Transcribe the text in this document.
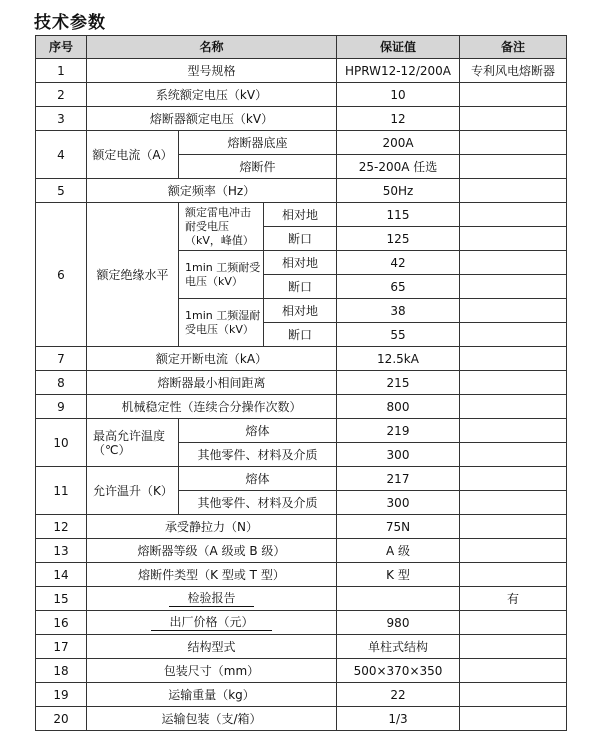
技术参数
序号	名称			保证值	备注
1	型号规格			HPRW12-12/200A	专利风电熔断器
2	系统额定电压（kV）			10	
3	熔断器额定电压（kV）			12	
4	额定电流（A）	熔断器底座		200A	
		熔断件		25-200A 任选	
5	额定频率（Hz）			50Hz	
6	额定绝缘水平	额定雷电冲击耐受电压（kV，峰值）	相对地	115	
			断口	125	
		1min 工频耐受电压（kV）	相对地	42	
			断口	65	
		1min 工频湿耐受电压（kV）	相对地	38	
			断口	55	
7	额定开断电流（kA）			12.5kA	
8	熔断器最小相间距离			215	
9	机械稳定性（连续合分操作次数）			800	
10	最高允许温度（℃）	熔体		219	
		其他零件、材料及介质		300	
11	允许温升（K）	熔体		217	
		其他零件、材料及介质		300	
12	承受静拉力（N）			75N	
13	熔断器等级（A 级或 B 级）			A 级	
14	熔断件类型（K 型或 T 型）			K 型	
15	检验报告				有
16	出厂价格（元）			980	
17	结构型式			单柱式结构	
18	包装尺寸（mm）			500×370×350	
19	运输重量（kg）			22	
20	运输包装（支/箱）			1/3	
